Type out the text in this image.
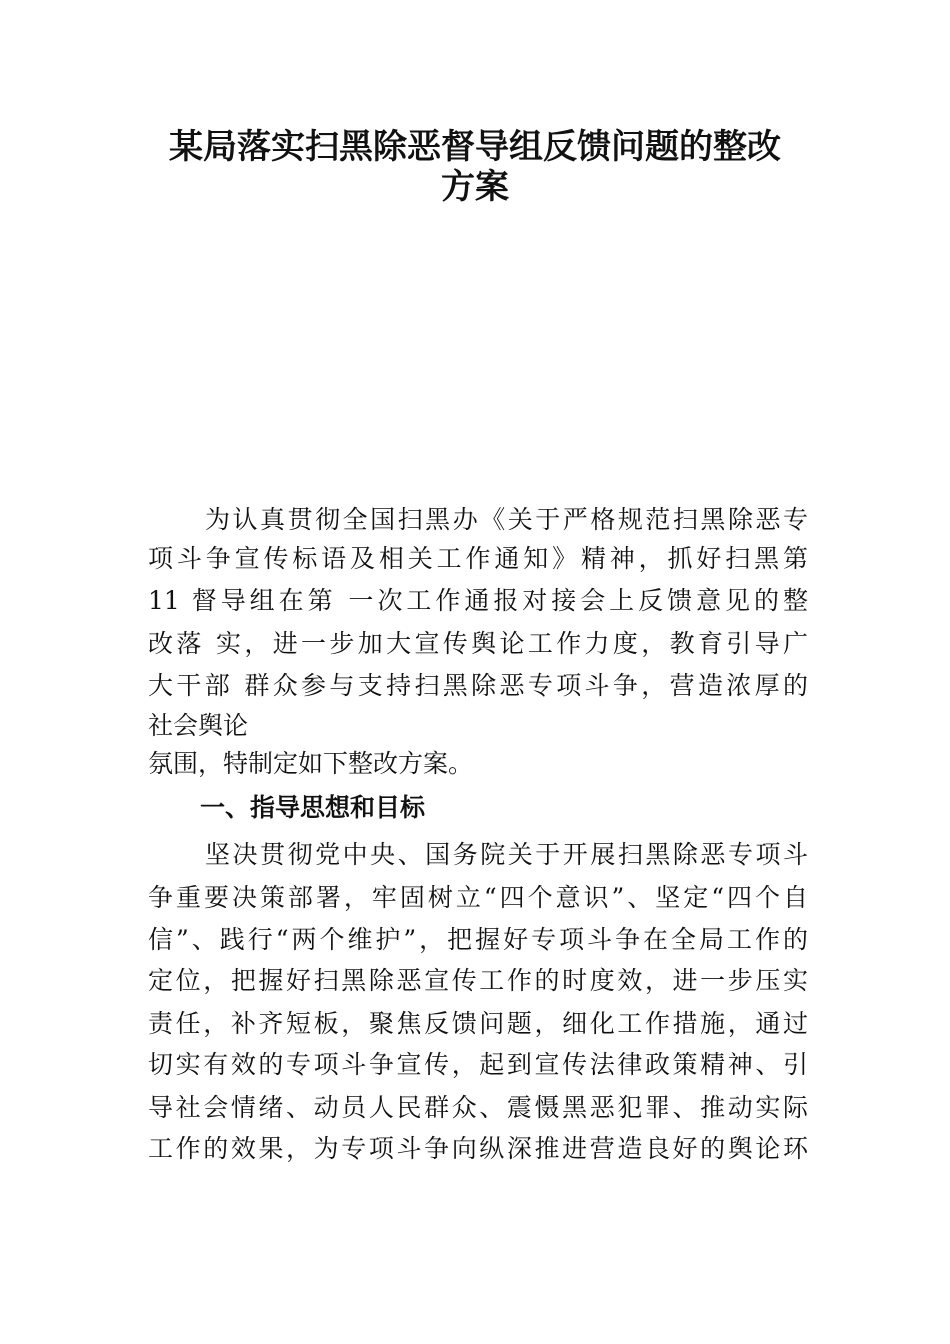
某局落实扫黑除恶督导组反馈问题的整改
方案
为认真贯彻全国扫黑办《关于严格规范扫黑除恶专
项斗争宣传标语及相关工作通知》精神，抓好扫黑第
11 督导组在第 一次工作通报对接会上反馈意见的整
改落 实，进一步加大宣传舆论工作力度，教育引导广
大干部 群众参与支持扫黑除恶专项斗争，营造浓厚的
社会舆论
氛围，特制定如下整改方案。
一、指导思想和目标
坚决贯彻党中央、国务院关于开展扫黑除恶专项斗
争重要决策部署，牢固树立“四个意识”、坚定“四个自
信”、践行“两个维护”，把握好专项斗争在全局工作的
定位，把握好扫黑除恶宣传工作的时度效，进一步压实
责任，补齐短板，聚焦反馈问题，细化工作措施，通过
切实有效的专项斗争宣传，起到宣传法律政策精神、引
导社会情绪、动员人民群众、震慑黑恶犯罪、推动实际
工作的效果，为专项斗争向纵深推进营造良好的舆论环
